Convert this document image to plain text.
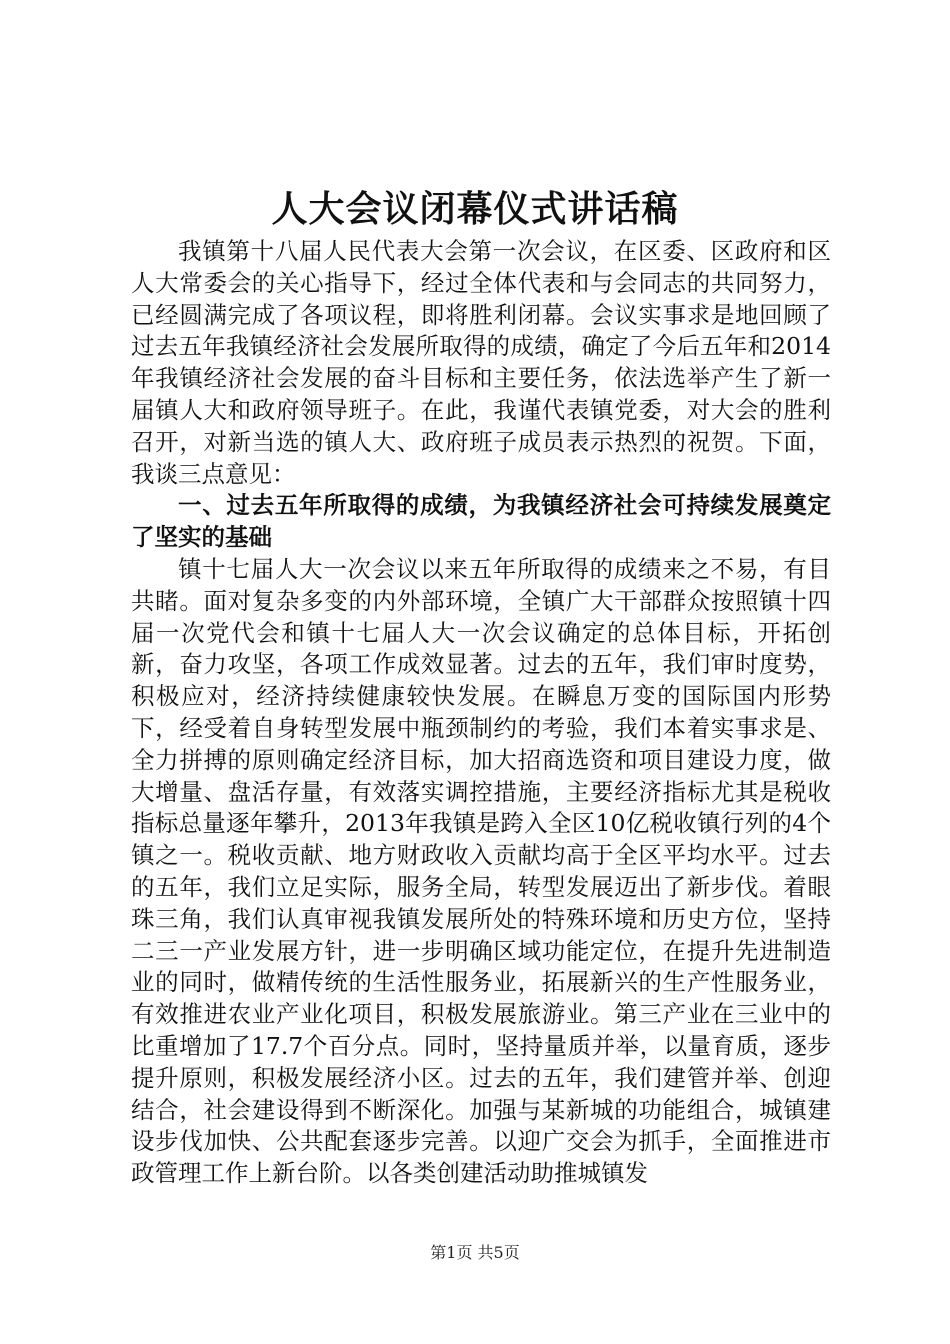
人大会议闭幕仪式讲话稿

我镇第十八届人民代表大会第一次会议，在区委、区政府和区人大常委会的关心指导下，经过全体代表和与会同志的共同努力，已经圆满完成了各项议程，即将胜利闭幕。会议实事求是地回顾了过去五年我镇经济社会发展所取得的成绩，确定了今后五年和2014年我镇经济社会发展的奋斗目标和主要任务，依法选举产生了新一届镇人大和政府领导班子。在此，我谨代表镇党委，对大会的胜利召开，对新当选的镇人大、政府班子成员表示热烈的祝贺。下面，我谈三点意见：

一、过去五年所取得的成绩，为我镇经济社会可持续发展奠定了坚实的基础

镇十七届人大一次会议以来五年所取得的成绩来之不易，有目共睹。面对复杂多变的内外部环境，全镇广大干部群众按照镇十四届一次党代会和镇十七届人大一次会议确定的总体目标，开拓创新，奋力攻坚，各项工作成效显著。过去的五年，我们审时度势，积极应对，经济持续健康较快发展。在瞬息万变的国际国内形势下，经受着自身转型发展中瓶颈制约的考验，我们本着实事求是、全力拼搏的原则确定经济目标，加大招商选资和项目建设力度，做大增量、盘活存量，有效落实调控措施，主要经济指标尤其是税收指标总量逐年攀升，2013年我镇是跨入全区10亿税收镇行列的4个镇之一。税收贡献、地方财政收入贡献均高于全区平均水平。过去的五年，我们立足实际，服务全局，转型发展迈出了新步伐。着眼珠三角，我们认真审视我镇发展所处的特殊环境和历史方位，坚持二三一产业发展方针，进一步明确区域功能定位，在提升先进制造业的同时，做精传统的生活性服务业，拓展新兴的生产性服务业，有效推进农业产业化项目，积极发展旅游业。第三产业在三业中的比重增加了17.7个百分点。同时，坚持量质并举，以量育质，逐步提升原则，积极发展经济小区。过去的五年，我们建管并举、创迎结合，社会建设得到不断深化。加强与某新城的功能组合，城镇建设步伐加快、公共配套逐步完善。以迎广交会为抓手，全面推进市政管理工作上新台阶。以各类创建活动助推城镇发

第1页 共5页
